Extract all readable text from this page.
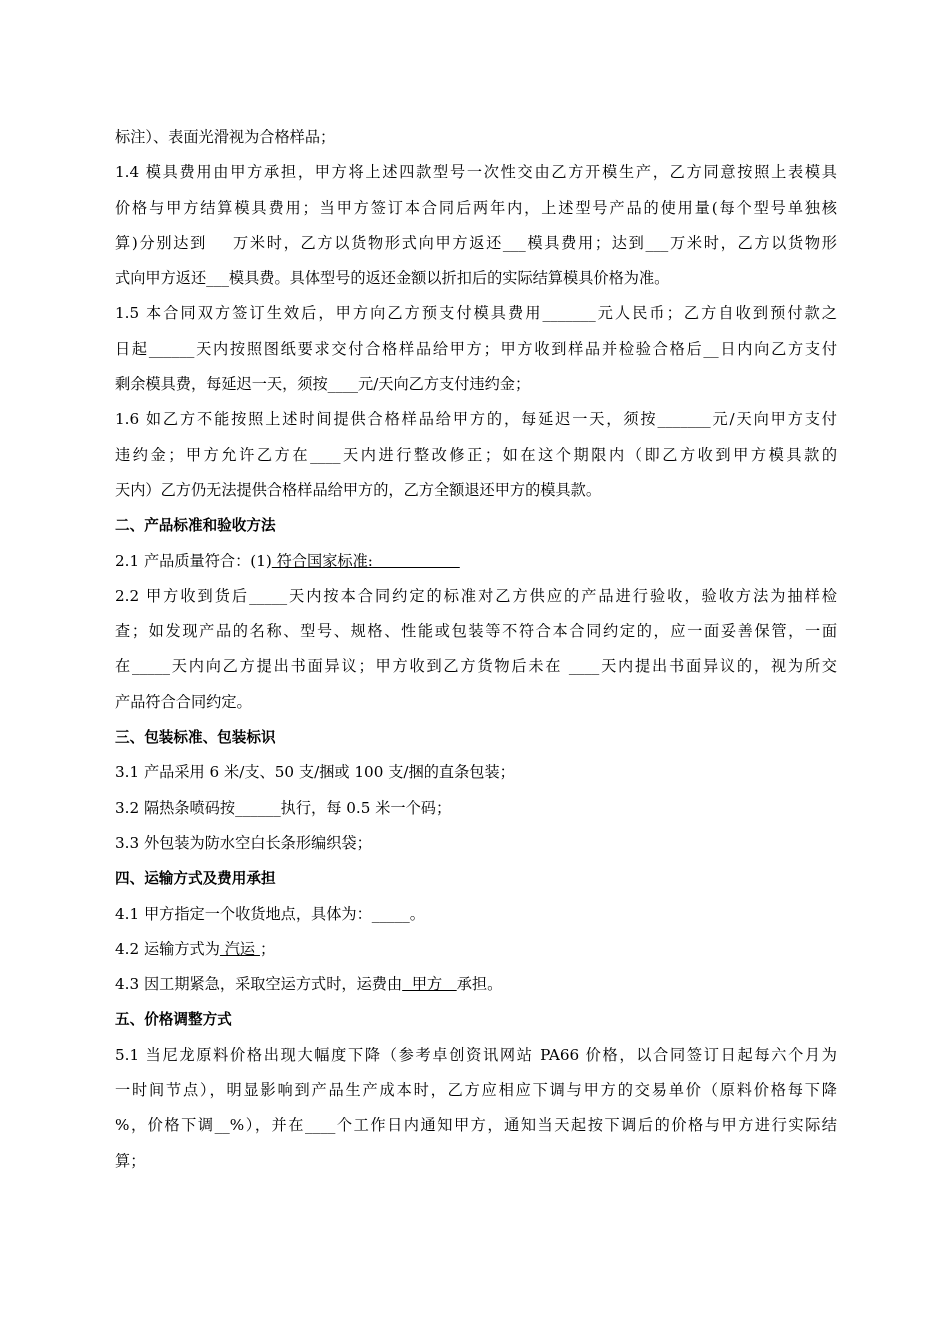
标注）、表面光滑视为合格样品；
1.4 模具费用由甲方承担，甲方将上述四款型号一次性交由乙方开模生产，乙方同意按照上表模具
价格与甲方结算模具费用；当甲方签订本合同后两年内，上述型号产品的使用量(每个型号单独核
算)分别达到    万米时，乙方以货物形式向甲方返还___模具费用；达到___万米时，乙方以货物形
式向甲方返还___模具费。具体型号的返还金额以折扣后的实际结算模具价格为准。
1.5 本合同双方签订生效后，甲方向乙方预支付模具费用_______元人民币；乙方自收到预付款之
日起______天内按照图纸要求交付合格样品给甲方；甲方收到样品并检验合格后__日内向乙方支付
剩余模具费，每延迟一天，须按____元/天向乙方支付违约金；
1.6 如乙方不能按照上述时间提供合格样品给甲方的，每延迟一天，须按_______元/天向甲方支付
违约金；甲方允许乙方在____天内进行整改修正；如在这个期限内（即乙方收到甲方模具款的
天内）乙方仍无法提供合格样品给甲方的，乙方全额退还甲方的模具款。
二、产品标准和验收方法
2.1 产品质量符合：(1) 符合国家标准:
2.2 甲方收到货后_____天内按本合同约定的标准对乙方供应的产品进行验收，验收方法为抽样检
查；如发现产品的名称、型号、规格、性能或包装等不符合本合同约定的，应一面妥善保管，一面
在_____天内向乙方提出书面异议；甲方收到乙方货物后未在 ____天内提出书面异议的，视为所交
产品符合合同约定。
三、包装标准、包装标识
3.1 产品采用 6 米/支、50 支/捆或 100 支/捆的直条包装；
3.2 隔热条喷码按______执行，每 0.5 米一个码；
3.3 外包装为防水空白长条形编织袋；
四、运输方式及费用承担
4.1 甲方指定一个收货地点，具体为：_____。
4.2 运输方式为 汽运 ；
4.3 因工期紧急，采取空运方式时，运费由  甲方   承担。
五、价格调整方式
5.1 当尼龙原料价格出现大幅度下降（参考卓创资讯网站 PA66 价格，以合同签订日起每六个月为
一时间节点），明显影响到产品生产成本时，乙方应相应下调与甲方的交易单价（原料价格每下降
%，价格下调__%），并在____个工作日内通知甲方，通知当天起按下调后的价格与甲方进行实际结
算；
